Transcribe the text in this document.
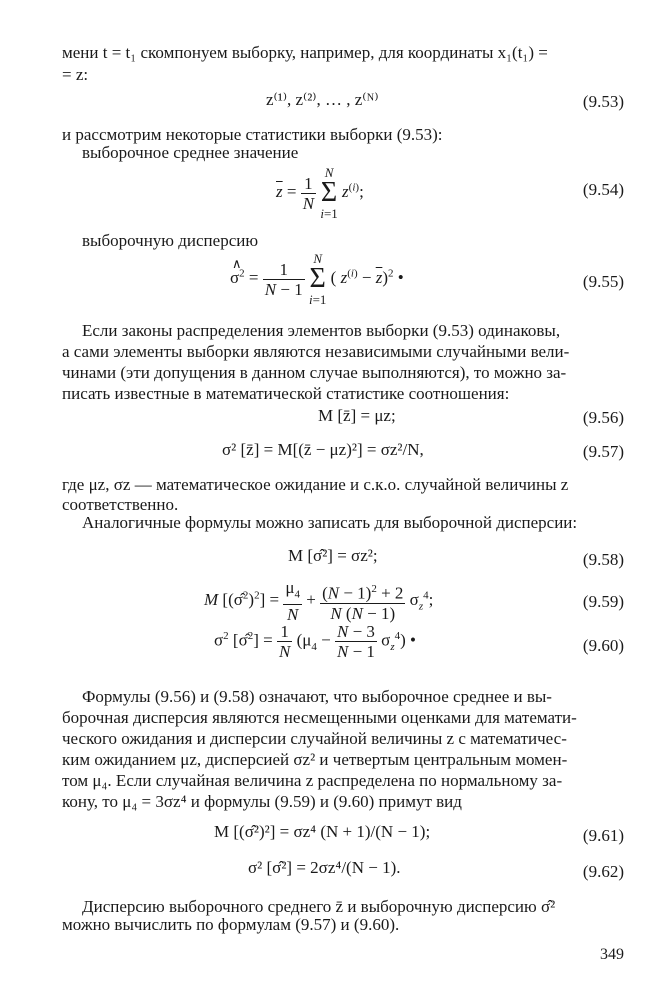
мени t = t₁ скомпонуем выборку, например, для координаты x₁(t₁) =
= z:
z⁽¹⁾, z⁽²⁾, … , z⁽ᴺ⁾	(9.53)
и рассмотрим некоторые статистики выборки (9.53):
выборочное среднее значение
$\overline{z} = \frac{1}{N}$
N
Σ
i=1 $z^{(i)}$;	(9.54)
выборочную дисперсию
∧
$\sigma^2 = \frac{1}{N - 1}$
N
Σ
i=1 ( $z^{(i)} - \overline{z})^2$ •	(9.55)
Если законы распределения элементов выборки (9.53) одинаковы,
а сами элементы выборки являются независимыми случайными вели-
чинами (эти допущения в данном случае выполняются), то можно за-
писать известные в математической статистике соотношения:
M [z̄] = μz;	(9.56)
σ² [z̄] = M[(z̄ − μz)²] = σz²/N,	(9.57)
где μz, σz — математическое ожидание и с.к.о. случайной величины z
соответственно.
Аналогичные формулы можно записать для выборочной дисперсии:
M [σ̂²] = σz²;	(9.58)
M [(σ̂$^2$)$^2$] = $\frac{\mu_4}{N} + \frac{(N - 1)^2 + 2}{N (N - 1)} \sigma_z^4$;	(9.59)
$\sigma^2$ [σ̂$^2$] = $\frac{1}{N} (\mu_4 - \frac{N - 3}{N - 1} \sigma_z^4)$ •	(9.60)
Формулы (9.56) и (9.58) означают, что выборочное среднее и вы-
борочная дисперсия являются несмещенными оценками для математи-
ческого ожидания и дисперсии случайной величины z с математичес-
ким ожиданием μz, дисперсией σz² и четвертым центральным момен-
том μ₄. Если случайная величина z распределена по нормальному за-
кону, то μ₄ = 3σz⁴ и формулы (9.59) и (9.60) примут вид
M [(σ̂²)²] = σz⁴ (N + 1)/(N − 1);	(9.61)
σ² [σ̂²] = 2σz⁴/(N − 1).	(9.62)
Дисперсию выборочного среднего z̄ и выборочную дисперсию σ̂²
можно вычислить по формулам (9.57) и (9.60).
349
